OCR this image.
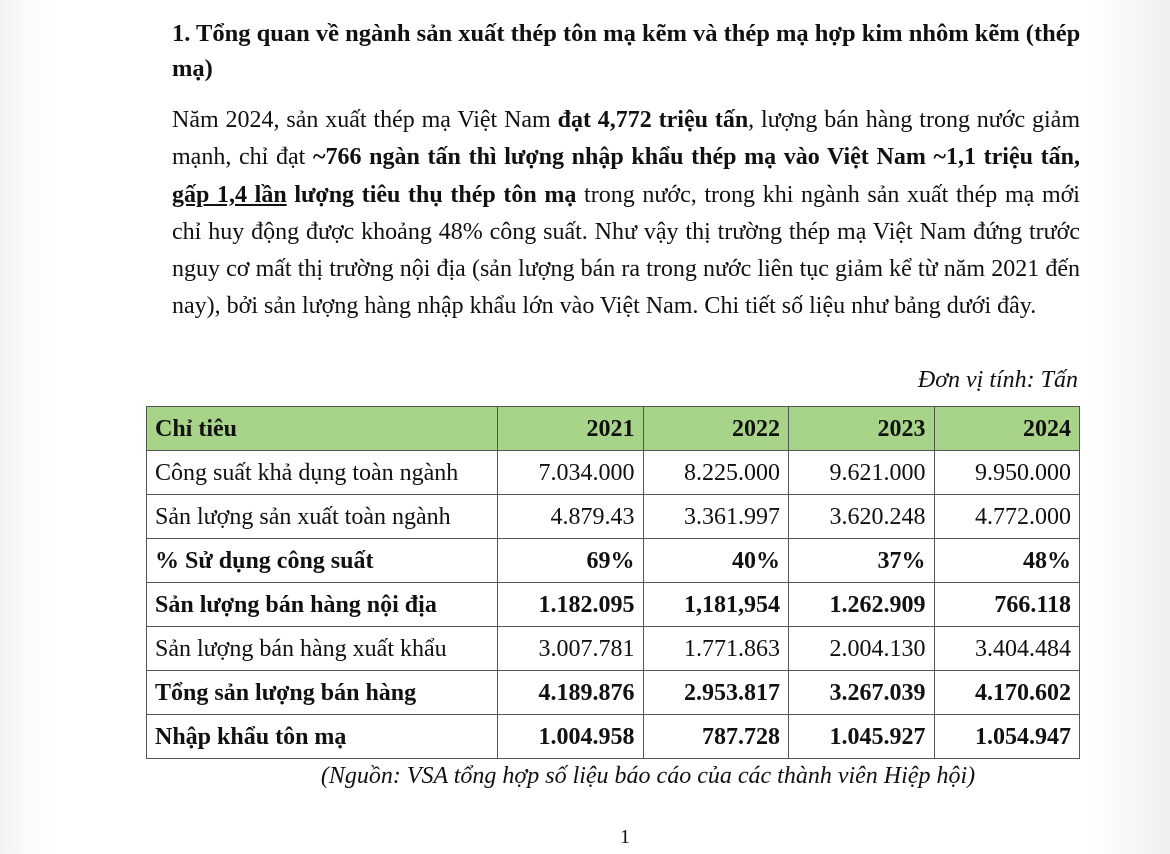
1. Tổng quan về ngành sản xuất thép tôn mạ kẽm và thép mạ hợp kim nhôm kẽm (thép mạ)

Năm 2024, sản xuất thép mạ Việt Nam đạt 4,772 triệu tấn, lượng bán hàng trong nước giảm mạnh, chỉ đạt ~766 ngàn tấn thì lượng nhập khẩu thép mạ vào Việt Nam ~1,1 triệu tấn, gấp 1,4 lần lượng tiêu thụ thép tôn mạ trong nước, trong khi ngành sản xuất thép mạ mới chỉ huy động được khoảng 48% công suất. Như vậy thị trường thép mạ Việt Nam đứng trước nguy cơ mất thị trường nội địa (sản lượng bán ra trong nước liên tục giảm kể từ năm 2021 đến nay), bởi sản lượng hàng nhập khẩu lớn vào Việt Nam. Chi tiết số liệu như bảng dưới đây.

Đơn vị tính: Tấn

Chỉ tiêu	2021	2022	2023	2024
Công suất khả dụng toàn ngành	7.034.000	8.225.000	9.621.000	9.950.000
Sản lượng sản xuất toàn ngành	4.879.43	3.361.997	3.620.248	4.772.000
% Sử dụng công suất	69%	40%	37%	48%
Sản lượng bán hàng nội địa	1.182.095	1,181,954	1.262.909	766.118
Sản lượng bán hàng xuất khẩu	3.007.781	1.771.863	2.004.130	3.404.484
Tổng sản lượng bán hàng	4.189.876	2.953.817	3.267.039	4.170.602
Nhập khẩu tôn mạ	1.004.958	787.728	1.045.927	1.054.947

(Nguồn: VSA tổng hợp số liệu báo cáo của các thành viên Hiệp hội)

1
